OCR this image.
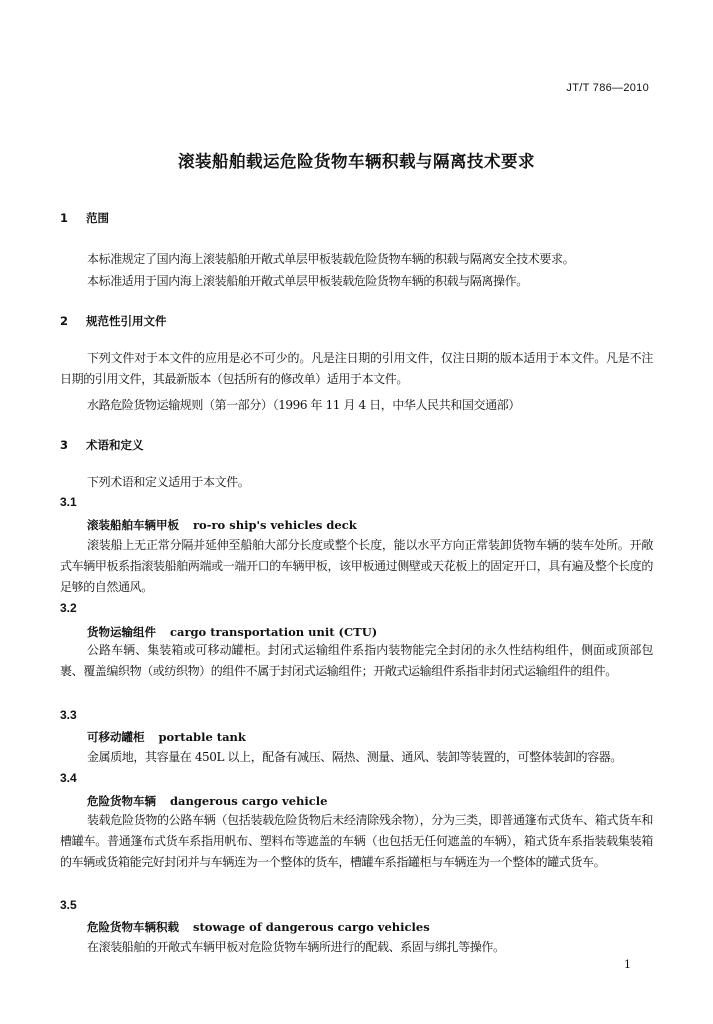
JT/T 786—2010
滚装船舶载运危险货物车辆积载与隔离技术要求
1 范围
本标准规定了国内海上滚装船舶开敞式单层甲板装载危险货物车辆的积载与隔离安全技术要求。
本标准适用于国内海上滚装船舶开敞式单层甲板装载危险货物车辆的积载与隔离操作。
2 规范性引用文件
下列文件对于本文件的应用是必不可少的。凡是注日期的引用文件，仅注日期的版本适用于本文件。凡是不注日期的引用文件，其最新版本（包括所有的修改单）适用于本文件。
水路危险货物运输规则（第一部分）（1996 年 11 月 4 日，中华人民共和国交通部）
3 术语和定义
下列术语和定义适用于本文件。
3.1
滚装船舶车辆甲板 ro-ro ship's vehicles deck
滚装船上无正常分隔并延伸至船舶大部分长度或整个长度，能以水平方向正常装卸货物车辆的装车处所。开敞式车辆甲板系指滚装船舶两端或一端开口的车辆甲板，该甲板通过侧壁或天花板上的固定开口，具有遍及整个长度的足够的自然通风。
3.2
货物运输组件 cargo transportation unit (CTU)
公路车辆、集装箱或可移动罐柜。封闭式运输组件系指内装物能完全封闭的永久性结构组件，侧面或顶部包裹、覆盖编织物（或纺织物）的组件不属于封闭式运输组件；开敞式运输组件系指非封闭式运输组件的组件。
3.3
可移动罐柜 portable tank
金属质地，其容量在 450L 以上，配备有减压、隔热、测量、通风、装卸等装置的，可整体装卸的容器。
3.4
危险货物车辆 dangerous cargo vehicle
装载危险货物的公路车辆（包括装载危险货物后未经清除残余物），分为三类，即普通篷布式货车、箱式货车和槽罐车。普通篷布式货车系指用帆布、塑料布等遮盖的车辆（也包括无任何遮盖的车辆），箱式货车系指装载集装箱的车辆或货箱能完好封闭并与车辆连为一个整体的货车，槽罐车系指罐柜与车辆连为一个整体的罐式货车。
3.5
危险货物车辆积载 stowage of dangerous cargo vehicles
在滚装船舶的开敞式车辆甲板对危险货物车辆所进行的配载、系固与绑扎等操作。
1
